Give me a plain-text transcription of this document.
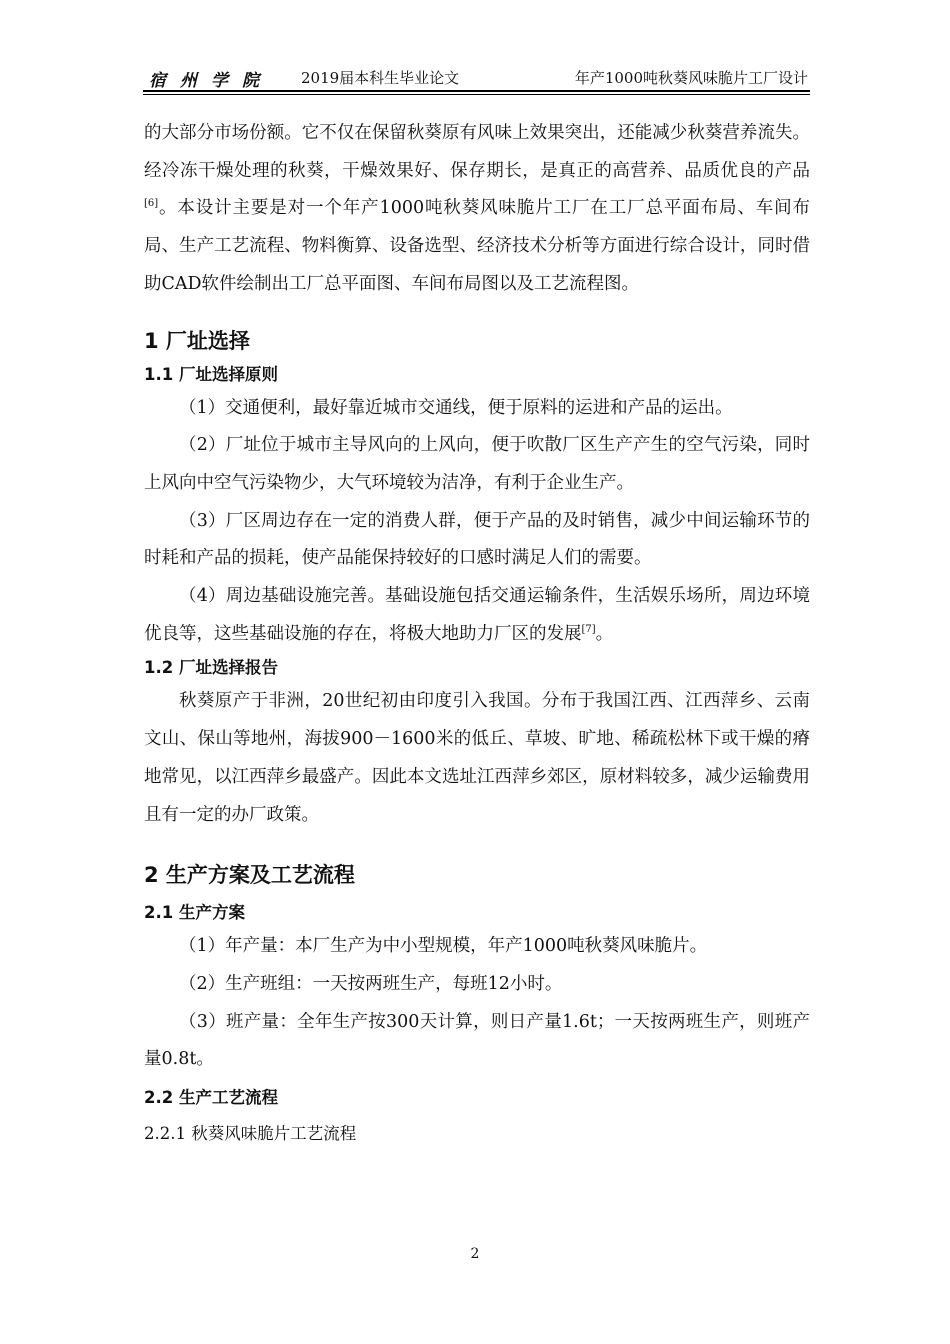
宿州学院 2019届本科生毕业论文	年产1000吨秋葵风味脆片工厂设计

的大部分市场份额。它不仅在保留秋葵原有风味上效果突出，还能减少秋葵营养流失。经冷冻干燥处理的秋葵，干燥效果好、保存期长，是真正的高营养、品质优良的产品[6]。本设计主要是对一个年产1000吨秋葵风味脆片工厂在工厂总平面布局、车间布局、生产工艺流程、物料衡算、设备选型、经济技术分析等方面进行综合设计，同时借助CAD软件绘制出工厂总平面图、车间布局图以及工艺流程图。

1 厂址选择

1.1 厂址选择原则

（1）交通便利，最好靠近城市交通线，便于原料的运进和产品的运出。

（2）厂址位于城市主导风向的上风向，便于吹散厂区生产产生的空气污染，同时上风向中空气污染物少，大气环境较为洁净，有利于企业生产。

（3）厂区周边存在一定的消费人群，便于产品的及时销售，减少中间运输环节的时耗和产品的损耗，使产品能保持较好的口感时满足人们的需要。

（4）周边基础设施完善。基础设施包括交通运输条件，生活娱乐场所，周边环境优良等，这些基础设施的存在，将极大地助力厂区的发展[7]。

1.2 厂址选择报告

秋葵原产于非洲，20世纪初由印度引入我国。分布于我国江西、江西萍乡、云南文山、保山等地州，海拔900－1600米的低丘、草坡、旷地、稀疏松林下或干燥的瘠地常见，以江西萍乡最盛产。因此本文选址江西萍乡郊区，原材料较多，减少运输费用且有一定的办厂政策。

2 生产方案及工艺流程

2.1 生产方案

（1）年产量：本厂生产为中小型规模，年产1000吨秋葵风味脆片。

（2）生产班组：一天按两班生产，每班12小时。

（3）班产量：全年生产按300天计算，则日产量1.6t；一天按两班生产，则班产量0.8t。

2.2 生产工艺流程

2.2.1 秋葵风味脆片工艺流程

2
